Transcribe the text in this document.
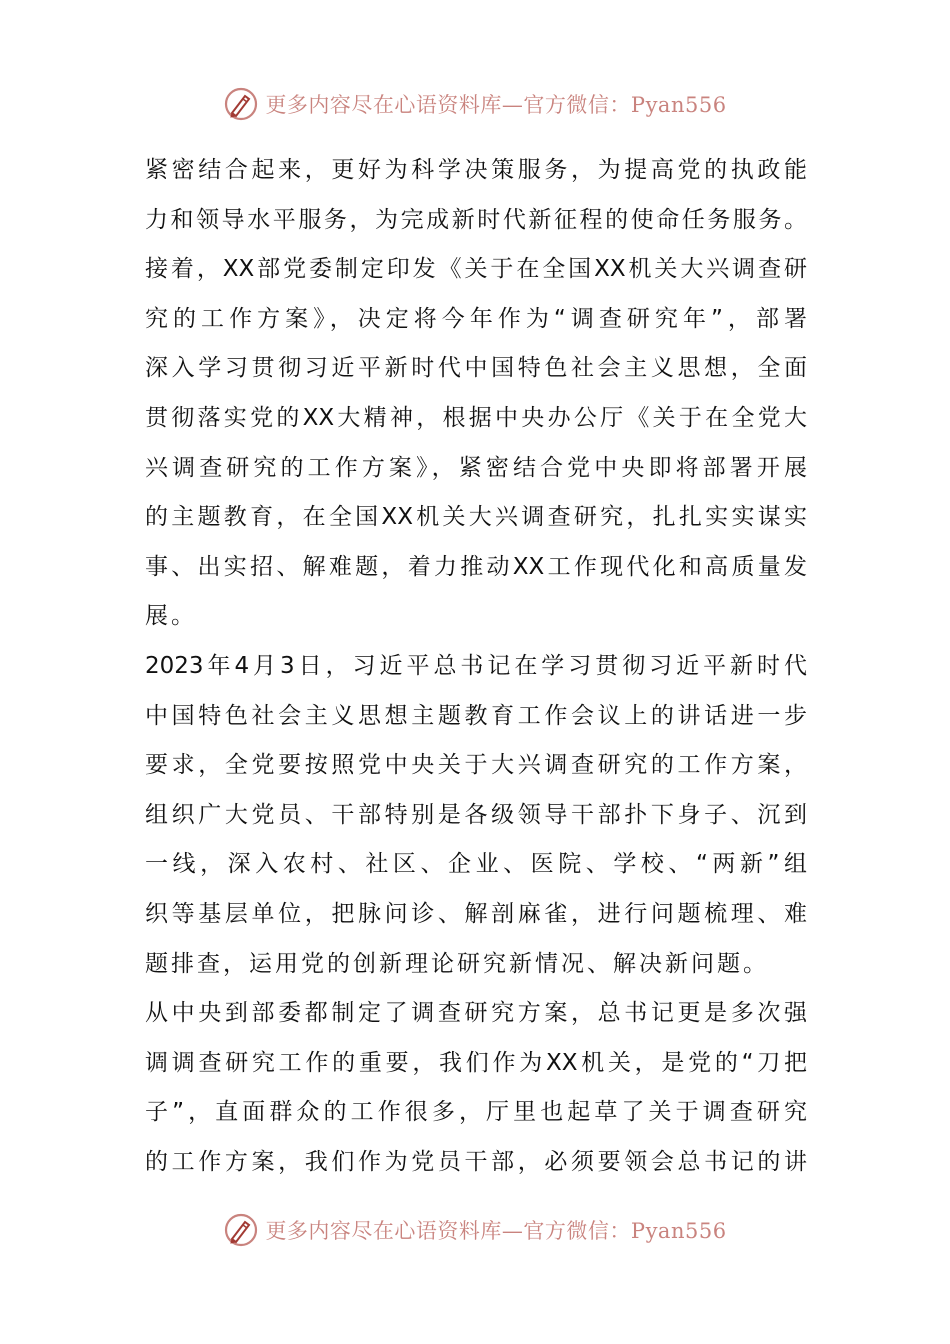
更多内容尽在心语资料库—官方微信：Pyan556
紧密结合起来，更好为科学决策服务，为提高党的执政能
力和领导水平服务，为完成新时代新征程的使命任务服务。
接着，XX部党委制定印发《关于在全国XX机关大兴调查研
究的工作方案》，决定将今年作为“调查研究年”，部署
深入学习贯彻习近平新时代中国特色社会主义思想，全面
贯彻落实党的XX大精神，根据中央办公厅《关于在全党大
兴调查研究的工作方案》，紧密结合党中央即将部署开展
的主题教育，在全国XX机关大兴调查研究，扎扎实实谋实
事、出实招、解难题，着力推动XX工作现代化和高质量发
展。
2023年4月3日，习近平总书记在学习贯彻习近平新时代
中国特色社会主义思想主题教育工作会议上的讲话进一步
要求，全党要按照党中央关于大兴调查研究的工作方案，
组织广大党员、干部特别是各级领导干部扑下身子、沉到
一线，深入农村、社区、企业、医院、学校、“两新”组
织等基层单位，把脉问诊、解剖麻雀，进行问题梳理、难
题排查，运用党的创新理论研究新情况、解决新问题。
从中央到部委都制定了调查研究方案，总书记更是多次强
调调查研究工作的重要，我们作为XX机关，是党的“刀把
子”，直面群众的工作很多，厅里也起草了关于调查研究
的工作方案，我们作为党员干部，必须要领会总书记的讲
更多内容尽在心语资料库—官方微信：Pyan556
